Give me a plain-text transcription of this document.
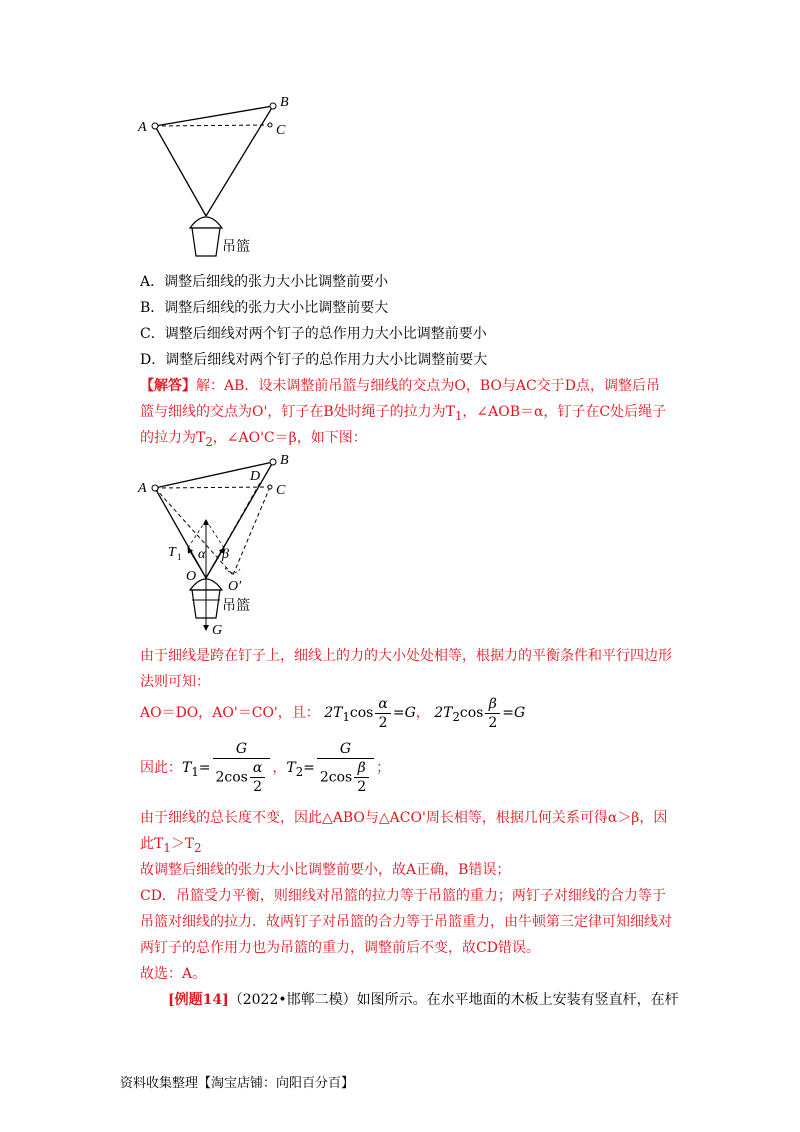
A
B
C
吊篮
A．调整后细线的张力大小比调整前要小
B．调整后细线的张力大小比调整前要大
C．调整后细线对两个钉子的总作用力大小比调整前要小
D．调整后细线对两个钉子的总作用力大小比调整前要大
【解答】解：AB．设未调整前吊篮与细线的交点为O，BO与AC交于D点，调整后吊
篮与细线的交点为O'，钉子在B处时绳子的拉力为$T_1$，∠AOB＝α，钉子在C处后绳子
的拉力为$T_2$，∠AO'C＝β，如下图：
A
B
C
D
O
O′
T 1 α β
G
吊篮
由于细线是跨在钉子上，细线上的力的大小处处相等，根据力的平衡条件和平行四边形
法则可知：
AO＝DO，AO'＝CO'，且： $2T_1\cos \frac{\alpha}{2} =G$， $2T_2\cos \frac{\beta}{2} =G$
因此：$T_1= \frac{G}{2\cos \frac{\alpha}{2}}$ ，$T_2= \frac{G}{2\cos \frac{\beta}{2}}$ ；
由于细线的总长度不变，因此△ABO与△ACO'周长相等，根据几何关系可得α＞β，因
此$T_1>T_2$
故调整后细线的张力大小比调整前要小，故A正确，B错误；
CD．吊篮受力平衡，则细线对吊篮的拉力等于吊篮的重力；两钉子对细线的合力等于
吊篮对细线的拉力．故两钉子对吊篮的合力等于吊篮重力，由牛顿第三定律可知细线对
两钉子的总作用力也为吊篮的重力，调整前后不变，故CD错误。
故选：A。
[例题14]（2022•邯郸二模）如图所示。在水平地面的木板上安装有竖直杆，在杆
资料收集整理【淘宝店铺：向阳百分百】
